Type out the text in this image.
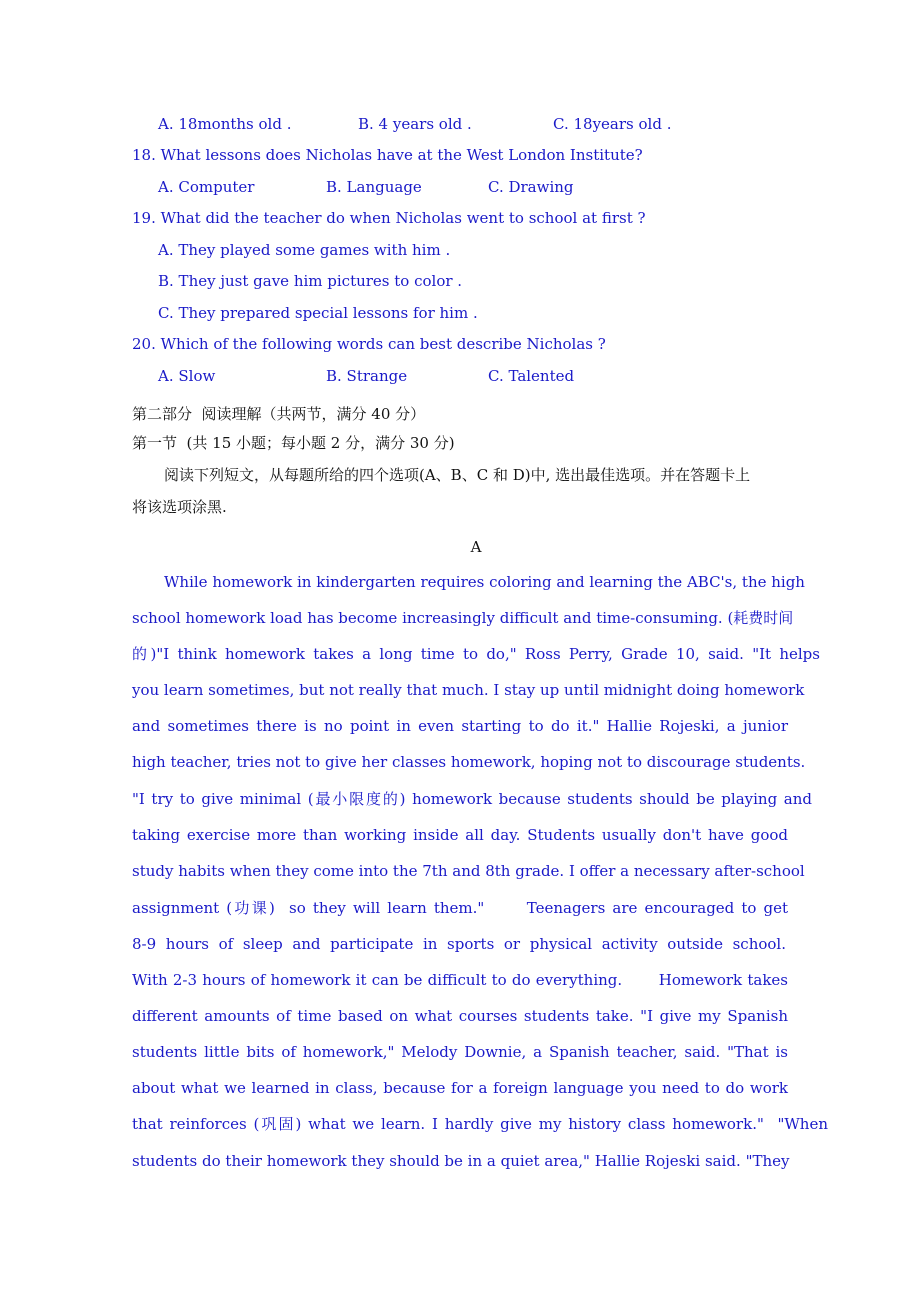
A. 18months old .	B. 4 years old .	C. 18years old .
18. What lessons does Nicholas have at the West London Institute?
A. Computer	B. Language	C. Drawing
19. What did the teacher do when Nicholas went to school at first ?
A. They played some games with him .
B. They just gave him pictures to color .
C. They prepared special lessons for him .
20. Which of the following words can best describe Nicholas ?
A. Slow	B. Strange	C. Talented
第二部分  阅读理解（共两节，满分 40 分）
第一节  (共 15 小题；每小题 2 分，满分 30 分)
阅读下列短文，从每题所给的四个选项(A、B、C 和 D)中, 选出最佳选项。并在答题卡上
将该选项涂黑.
A
While homework in kindergarten requires coloring and learning the ABC's, the high
school homework load has become increasingly difficult and time-consuming. (耗费时间
的)"I think homework takes a long time to do," Ross Perry, Grade 10, said. "It helps
you learn sometimes, but not really that much. I stay up until midnight doing homework
and sometimes there is no point in even starting to do it." Hallie Rojeski, a junior
high teacher, tries not to give her classes homework, hoping not to discourage students.
"I try to give minimal (最小限度的) homework because students should be playing and
taking exercise more than working inside all day. Students usually don't have good
study habits when they come into the 7th and 8th grade. I offer a necessary after-school
assignment (功课)  so they will learn them."      Teenagers are encouraged to get
8-9 hours of sleep and participate in sports or physical activity outside school.
With 2-3 hours of homework it can be difficult to do everything.       Homework takes
different amounts of time based on what courses students take. "I give my Spanish
students little bits of homework," Melody Downie, a Spanish teacher, said. "That is
about what we learned in class, because for a foreign language you need to do work
that reinforces (巩固) what we learn. I hardly give my history class homework."  "When
students do their homework they should be in a quiet area," Hallie Rojeski said. "They
